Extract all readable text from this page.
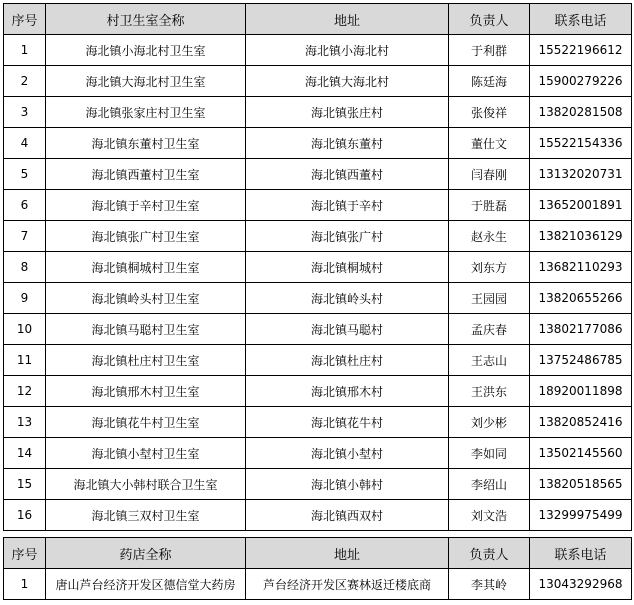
序号	村卫生室全称	地址	负责人	联系电话
1	海北镇小海北村卫生室	海北镇小海北村	于利群	15522196612
2	海北镇大海北村卫生室	海北镇大海北村	陈廷海	15900279226
3	海北镇张家庄村卫生室	海北镇张庄村	张俊祥	13820281508
4	海北镇东董村卫生室	海北镇东董村	董仕文	15522154336
5	海北镇西董村卫生室	海北镇西董村	闫春刚	13132020731
6	海北镇于辛村卫生室	海北镇于辛村	于胜磊	13652001891
7	海北镇张广村卫生室	海北镇张广村	赵永生	13821036129
8	海北镇桐城村卫生室	海北镇桐城村	刘东方	13682110293
9	海北镇岭头村卫生室	海北镇岭头村	王园园	13820655266
10	海北镇马聪村卫生室	海北镇马聪村	孟庆春	13802177086
11	海北镇杜庄村卫生室	海北镇杜庄村	王志山	13752486785
12	海北镇邢木村卫生室	海北镇邢木村	王洪东	18920011898
13	海北镇花牛村卫生室	海北镇花牛村	刘少彬	13820852416
14	海北镇小堼村卫生室	海北镇小堼村	李如同	13502145560
15	海北镇大小韩村联合卫生室	海北镇小韩村	李绍山	13820518565
16	海北镇三双村卫生室	海北镇西双村	刘文浩	13299975499
序号	药店全称	地址	负责人	联系电话
1	唐山芦台经济开发区德信堂大药房	芦台经济开发区赛林返迁楼底商	李其岭	13043292968
